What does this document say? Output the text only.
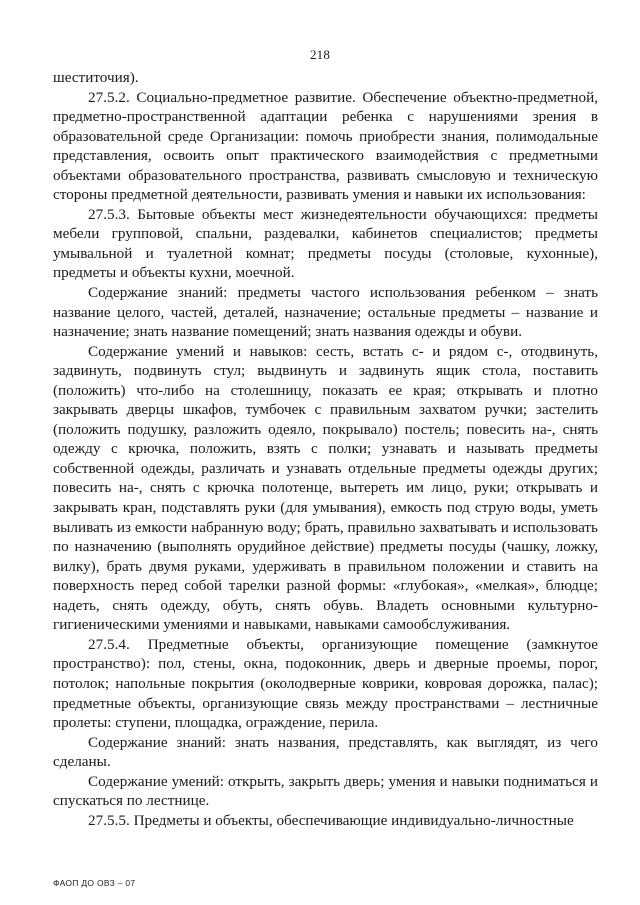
218

шеститочия).

27.5.2. Социально-предметное развитие. Обеспечение объектно-предметной, предметно-пространственной адаптации ребенка с нарушениями зрения в образовательной среде Организации: помочь приобрести знания, полимодальные представления, освоить опыт практического взаимодействия с предметными объектами образовательного пространства, развивать смысловую и техническую стороны предметной деятельности, развивать умения и навыки их использования:

27.5.3. Бытовые объекты мест жизнедеятельности обучающихся: предметы мебели групповой, спальни, раздевалки, кабинетов специалистов; предметы умывальной и туалетной комнат; предметы посуды (столовые, кухонные), предметы и объекты кухни, моечной.

Содержание знаний: предметы частого использования ребенком – знать название целого, частей, деталей, назначение; остальные предметы – название и назначение; знать название помещений; знать названия одежды и обуви.

Содержание умений и навыков: сесть, встать с- и рядом с-, отодвинуть, задвинуть, подвинуть стул; выдвинуть и задвинуть ящик стола, поставить (положить) что-либо на столешницу, показать ее края; открывать и плотно закрывать дверцы шкафов, тумбочек с правильным захватом ручки; застелить (положить подушку, разложить одеяло, покрывало) постель; повесить на-, снять одежду с крючка, положить, взять с полки; узнавать и называть предметы собственной одежды, различать и узнавать отдельные предметы одежды других; повесить на-, снять с крючка полотенце, вытереть им лицо, руки; открывать и закрывать кран, подставлять руки (для умывания), емкость под струю воды, уметь выливать из емкости набранную воду; брать, правильно захватывать и использовать по назначению (выполнять орудийное действие) предметы посуды (чашку, ложку, вилку), брать двумя руками, удерживать в правильном положении и ставить на поверхность перед собой тарелки разной формы: «глубокая», «мелкая», блюдце; надеть, снять одежду, обуть, снять обувь. Владеть основными культурно-гигиеническими умениями и навыками, навыками самообслуживания.

27.5.4. Предметные объекты, организующие помещение (замкнутое пространство): пол, стены, окна, подоконник, дверь и дверные проемы, порог, потолок; напольные покрытия (околодверные коврики, ковровая дорожка, палас); предметные объекты, организующие связь между пространствами – лестничные пролеты: ступени, площадка, ограждение, перила.

Содержание знаний: знать названия, представлять, как выглядят, из чего сделаны.

Содержание умений: открыть, закрыть дверь; умения и навыки подниматься и спускаться по лестнице.

27.5.5. Предметы и объекты, обеспечивающие индивидуально-личностные

ФАОП ДО ОВЗ – 07
